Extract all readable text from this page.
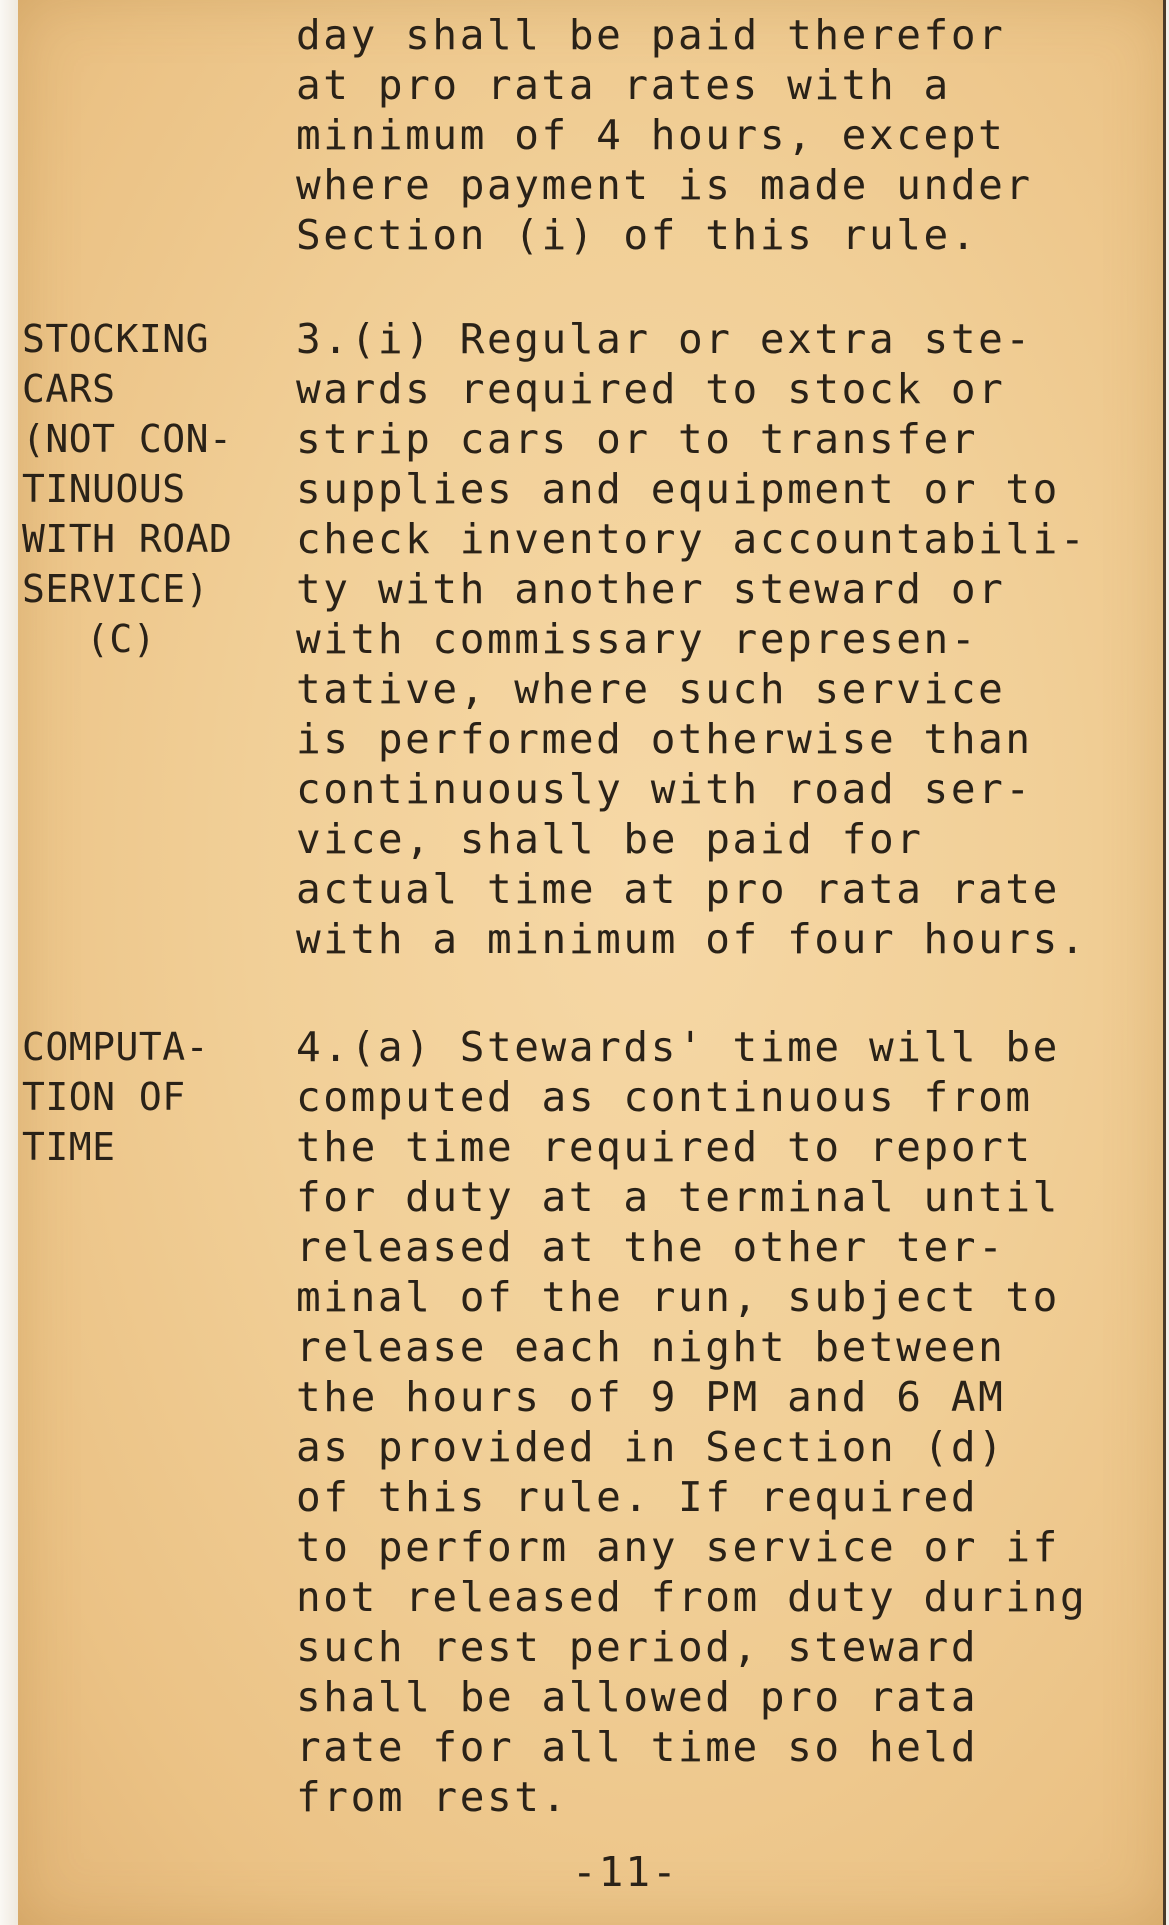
day shall be paid therefor
at pro rata rates with a
minimum of 4 hours, except
where payment is made under
Section (i) of this rule.
STOCKING
CARS
(NOT CON-
TINUOUS
WITH ROAD
SERVICE)
(C)
3.(i) Regular or extra ste-
wards required to stock or
strip cars or to transfer
supplies and equipment or to
check inventory accountabili-
ty with another steward or
with commissary represen-
tative, where such service
is performed otherwise than
continuously with road ser-
vice, shall be paid for
actual time at pro rata rate
with a minimum of four hours.
COMPUTA-
TION OF
TIME
4.(a) Stewards' time will be
computed as continuous from
the time required to report
for duty at a terminal until
released at the other ter-
minal of the run, subject to
release each night between
the hours of 9 PM and 6 AM
as provided in Section (d)
of this rule. If required
to perform any service or if
not released from duty during
such rest period, steward
shall be allowed pro rata
rate for all time so held
from rest.
-11-
